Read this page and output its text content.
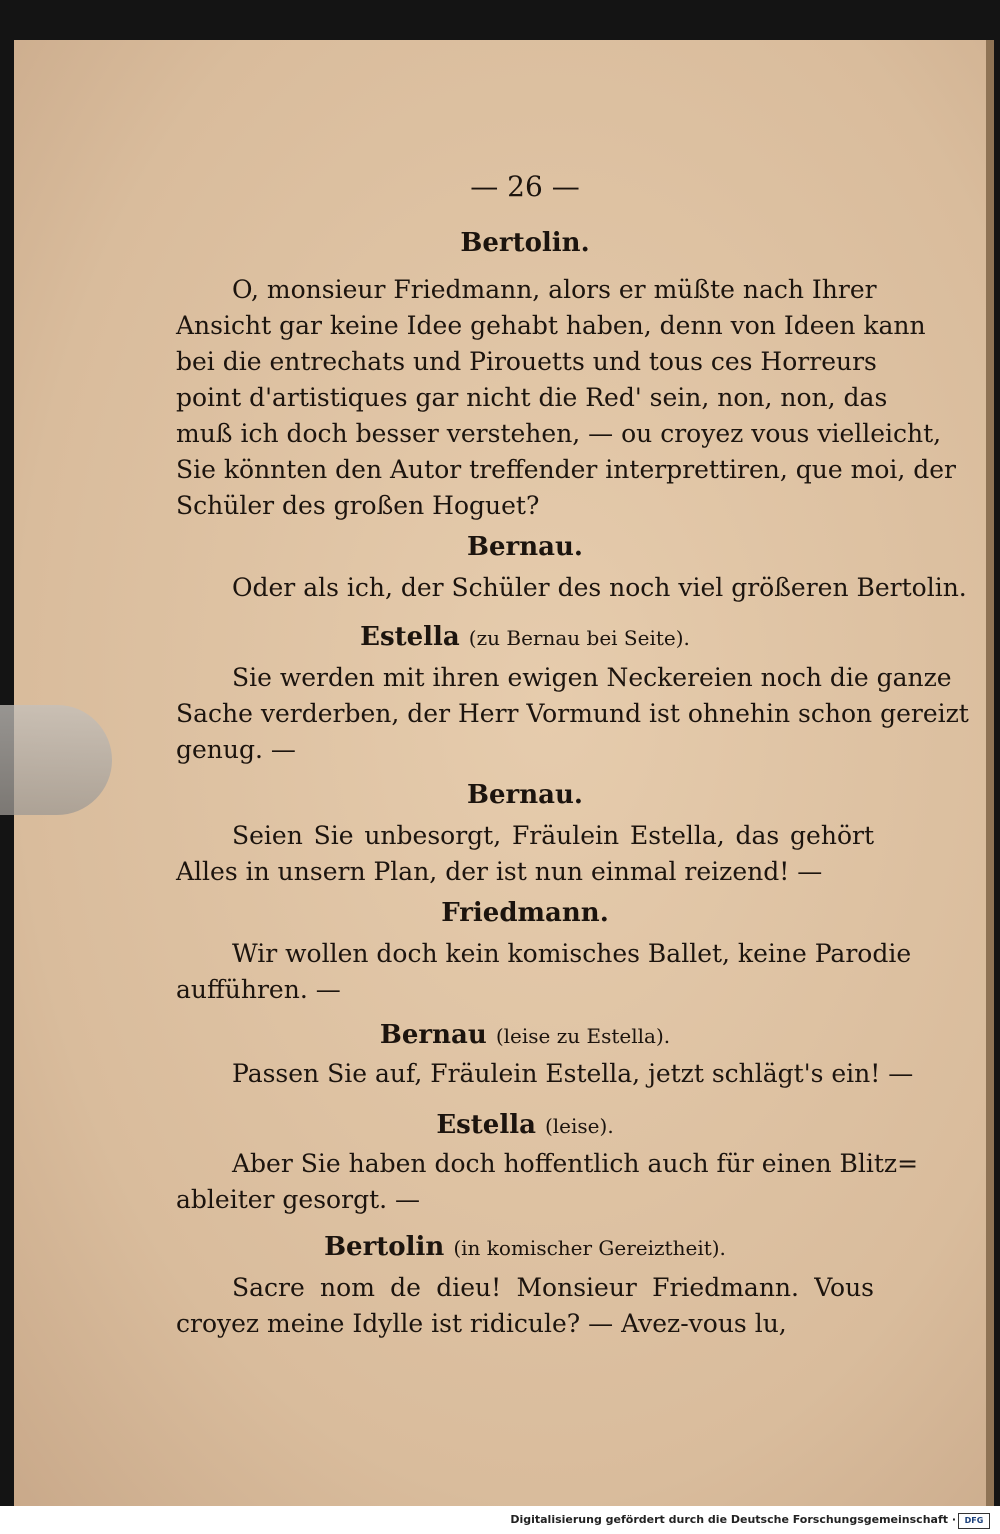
— 26 —
Bertolin.
O, monsieur Friedmann, alors er müßte nach Ihrer
Ansicht gar keine Idee gehabt haben, denn von Ideen kann
bei die entrechats und Pirouetts und tous ces Horreurs
point d'artistiques gar nicht die Red' sein, non, non, das
muß ich doch besser verstehen, — ou croyez vous vielleicht,
Sie könnten den Autor treffender interprettiren, que moi, der
Schüler des großen Hoguet?
Bernau.
Oder als ich, der Schüler des noch viel größeren Bertolin.
Estella (zu Bernau bei Seite).
Sie werden mit ihren ewigen Neckereien noch die ganze
Sache verderben, der Herr Vormund ist ohnehin schon gereizt
genug. —
Bernau.
Seien Sie unbesorgt, Fräulein Estella, das gehört
Alles in unsern Plan, der ist nun einmal reizend! —
Friedmann.
Wir wollen doch kein komisches Ballet, keine Parodie
aufführen. —
Bernau (leise zu Estella).
Passen Sie auf, Fräulein Estella, jetzt schlägt's ein! —
Estella (leise).
Aber Sie haben doch hoffentlich auch für einen Blitz=
ableiter gesorgt. —
Bertolin (in komischer Gereiztheit).
Sacre nom de dieu! Monsieur Friedmann. Vous
croyez meine Idylle ist ridicule? — Avez-vous lu,
Digitalisierung gefördert durch die Deutsche Forschungsgemeinschaft ·	DFG
